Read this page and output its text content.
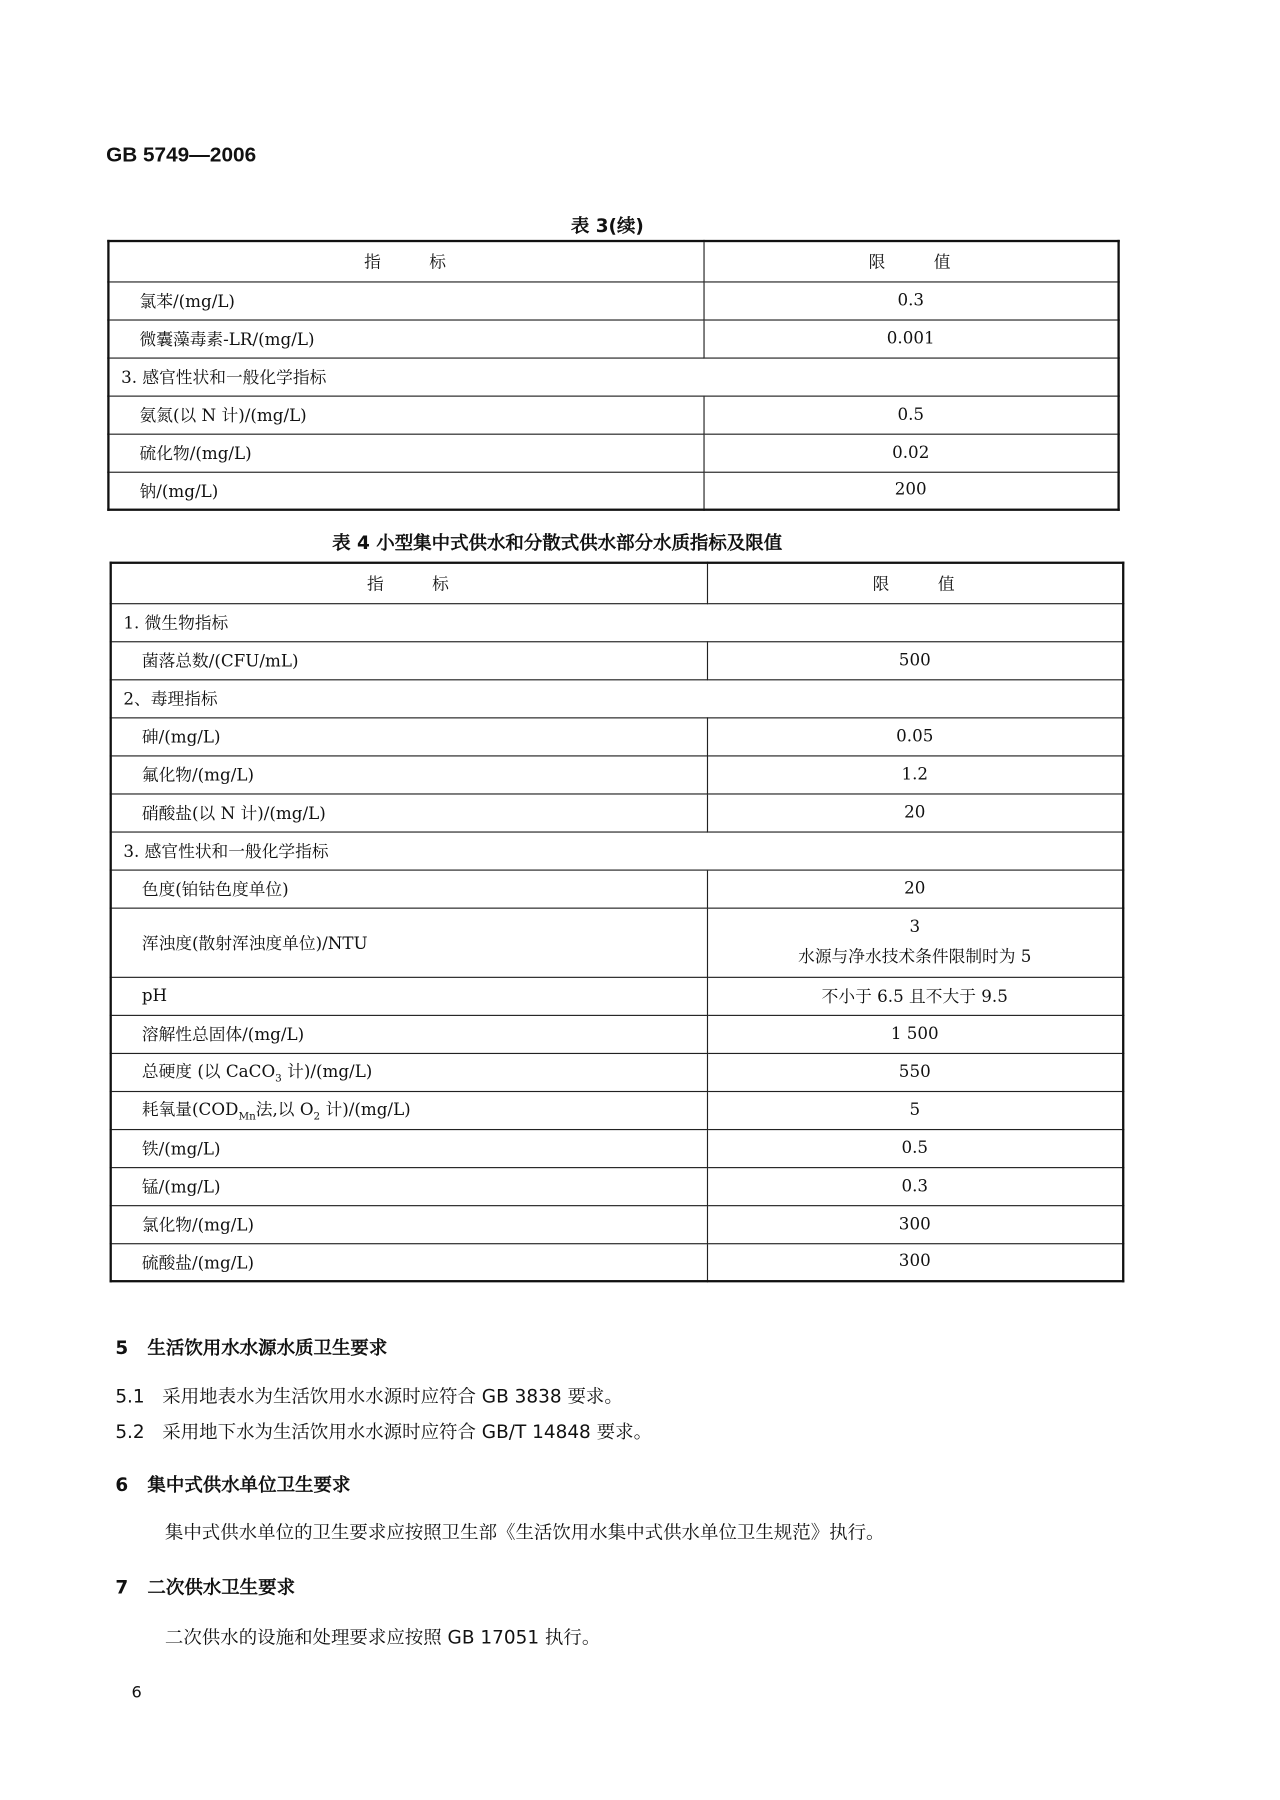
GB 5749—2006
表 3(续)
指 标	限 值
氯苯/(mg/L)	0.3
微囊藻毒素-LR/(mg/L)	0.001
3. 感官性状和一般化学指标	
氨氮(以 N 计)/(mg/L)	0.5
硫化物/(mg/L)	0.02
钠/(mg/L)	200
表 4 小型集中式供水和分散式供水部分水质指标及限值
指 标	限 值
1. 微生物指标	
菌落总数/(CFU/mL)	500
2、毒理指标	
砷/(mg/L)	0.05
氟化物/(mg/L)	1.2
硝酸盐(以 N 计)/(mg/L)	20
3. 感官性状和一般化学指标	
色度(铂钴色度单位)	20
浑浊度(散射浑浊度单位)/NTU	3
水源与净水技术条件限制时为 5

pH	不小于 6.5 且不大于 9.5
溶解性总固体/(mg/L)	1 500
总硬度 (以 CaCO$_3$ 计)/(mg/L)	550
耗氧量($COD_{Mn}$法,以 $O_2$ 计)/(mg/L)	5
铁/(mg/L)	0.5
锰/(mg/L)	0.3
氯化物/(mg/L)	300
硫酸盐/(mg/L)	300
5   生活饮用水水源水质卫生要求
5.1   采用地表水为生活饮用水水源时应符合 GB 3838 要求。
5.2   采用地下水为生活饮用水水源时应符合 GB/T 14848 要求。
6   集中式供水单位卫生要求
集中式供水单位的卫生要求应按照卫生部《生活饮用水集中式供水单位卫生规范》执行。
7   二次供水卫生要求
二次供水的设施和处理要求应按照 GB 17051 执行。
6
